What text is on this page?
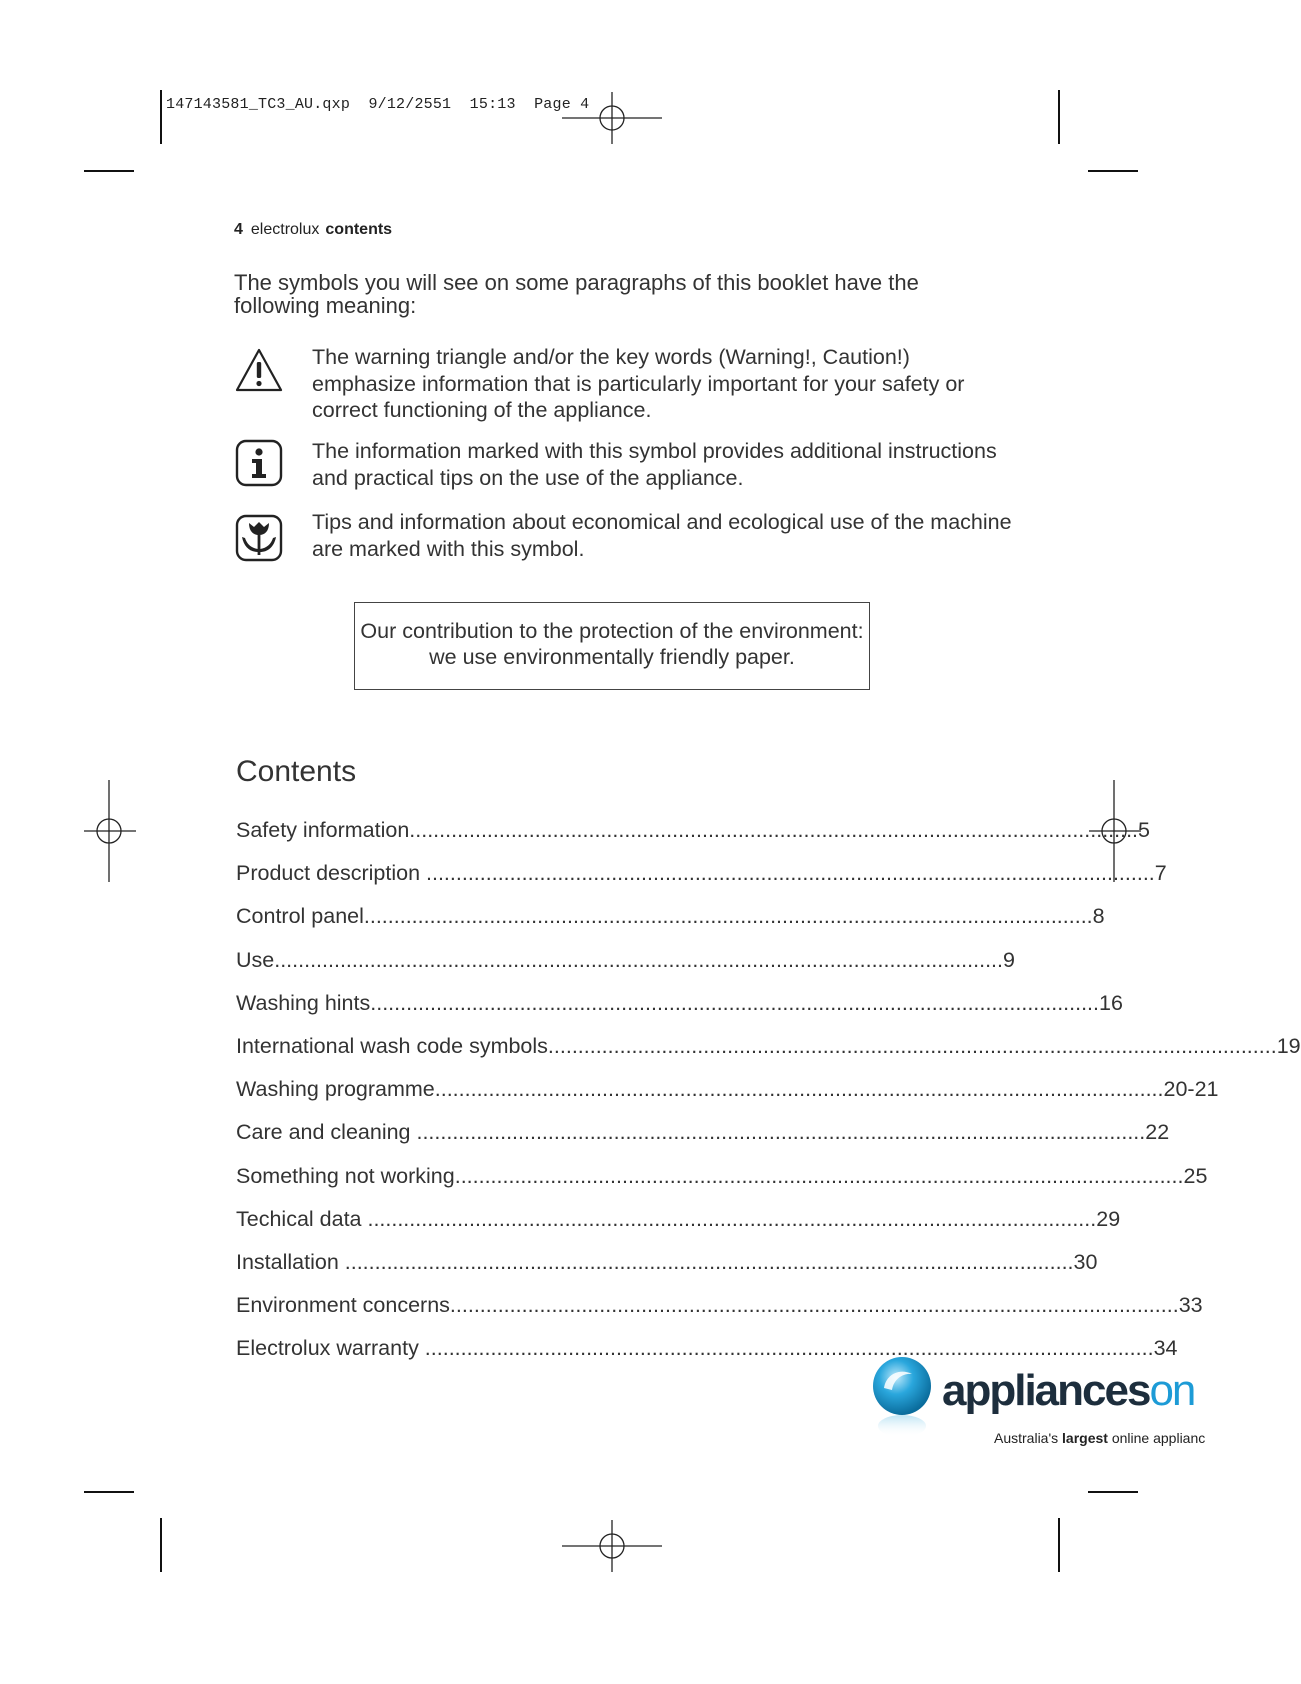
147143581_TC3_AU.qxp 9/12/2551 15:13 Page 4
4 electrolux contents
The symbols you will see on some paragraphs of this booklet have the following meaning:
The warning triangle and/or the key words (Warning!, Caution!) emphasize information that is particularly important for your safety or correct functioning of the appliance.
The information marked with this symbol provides additional instructions and practical tips on the use of the appliance.
Tips and information about economical and ecological use of the machine are marked with this symbol.
Our contribution to the protection of the environment:
we use environmentally friendly paper.
Contents
Safety information .....	5
Product description .....	7
Control panel .....	8
Use .....	9
Washing hints .....	16
International wash code symbols .....	19
Washing programme .....	20-21
Care and cleaning .....	22
Something not working .....	25
Techical data .....	29
Installation .....	30
Environment concerns .....	33
Electrolux warranty .....	34
applianceson
Australia's largest online applianc
